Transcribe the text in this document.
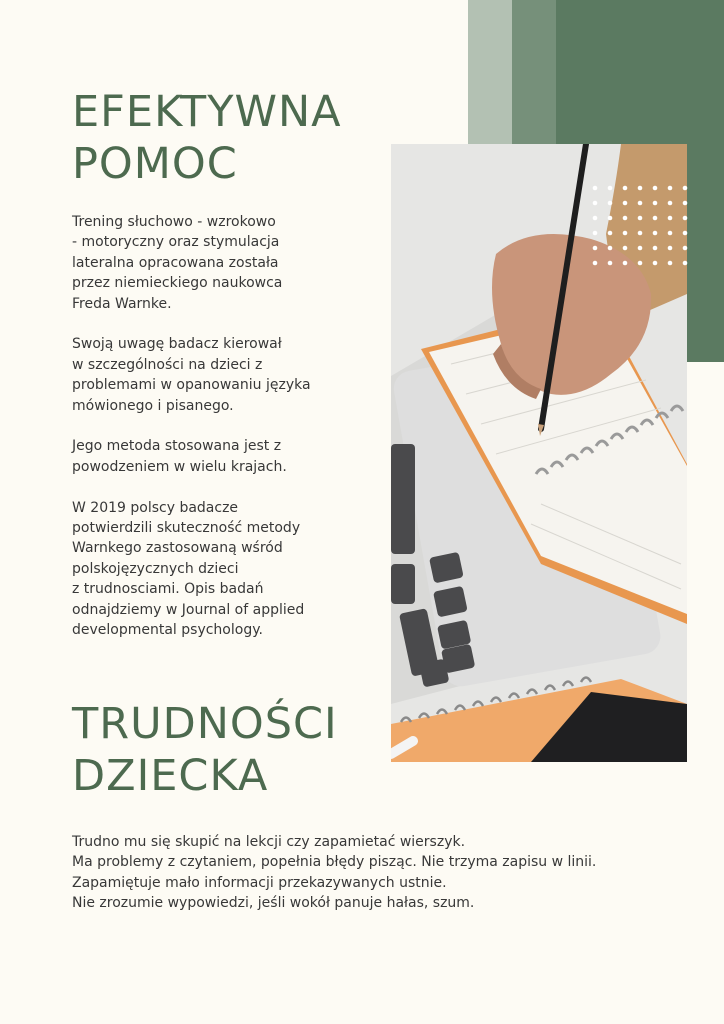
EFEKTYWNA
POMOC

Trening słuchowo - wzrokowo
- motoryczny oraz stymulacja
lateralna opracowana została
przez niemieckiego naukowca
Freda Warnke.

Swoją uwagę badacz kierował
w szczególności na dzieci z
problemami w opanowaniu języka
mówionego i pisanego.

Jego metoda stosowana jest z
powodzeniem w wielu krajach.

W 2019 polscy badacze
potwierdzili skuteczność metody
Warnkego zastosowaną wśród
polskojęzycznych dzieci
z trudnosciami. Opis badań
odnajdziemy w Journal of applied
developmental psychology.

TRUDNOŚCI
DZIECKA
Trudno mu się skupić na lekcji czy zapamietać wierszyk.
Ma problemy z czytaniem, popełnia błędy pisząc. Nie trzyma zapisu w linii.
Zapamiętuje mało informacji przekazywanych ustnie.
Nie zrozumie wypowiedzi, jeśli wokół panuje hałas, szum.
